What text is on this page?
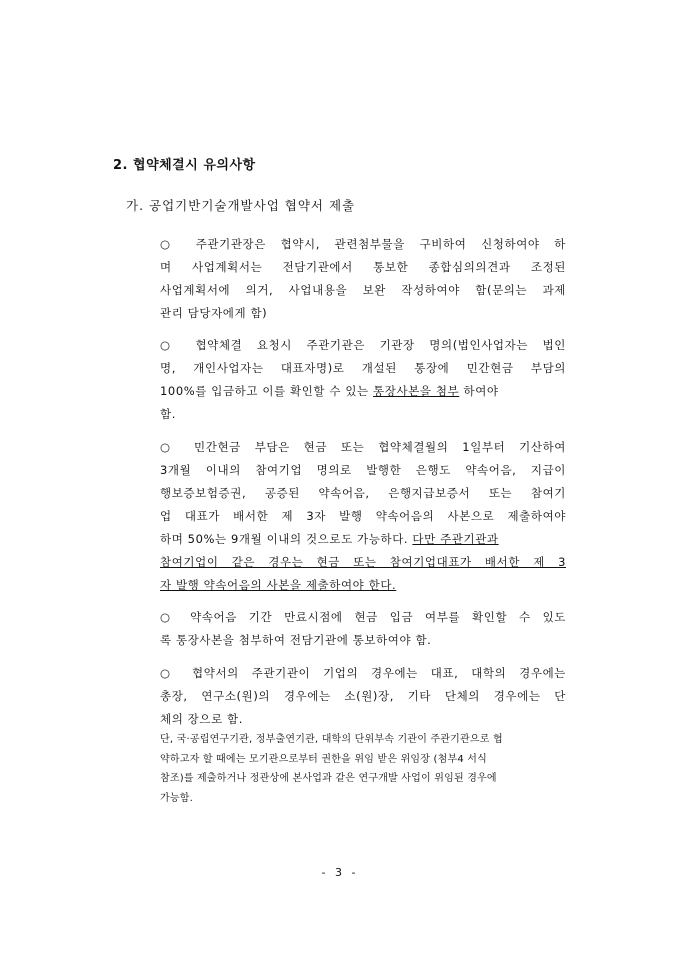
2. 협약체결시 유의사항
가. 공업기반기술개발사업 협약서 제출
○ 주관기관장은 협약시, 관련첨부물을 구비하여 신청하여야 하
며 사업계획서는 전담기관에서 통보한 종합심의의견과 조정된
사업계획서에 의거, 사업내용을 보완 작성하여야 함(문의는 과제
관리 담당자에게 함)
○ 협약체결 요청시 주관기관은 기관장 명의(법인사업자는 법인
명, 개인사업자는 대표자명)로 개설된 통장에 민간현금 부담의
100%를 입금하고 이를 확인할 수 있는 통장사본을 첨부 하여야
함.
○ 민간현금 부담은 현금 또는 협약체결월의 1일부터 기산하여
3개월 이내의 참여기업 명의로 발행한 은행도 약속어음, 지급이
행보증보험증권, 공증된 약속어음, 은행지급보증서 또는 참여기
업 대표가 배서한 제 3자 발행 약속어음의 사본으로 제출하여야
하며 50%는 9개월 이내의 것으로도 가능하다. 다만 주관기관과
참여기업이 같은 경우는 현금 또는 참여기업대표가 배서한 제 3
자 발행 약속어음의 사본을 제출하여야 한다.
○ 약속어음 기간 만료시점에 현금 입금 여부를 확인할 수 있도
록 통장사본을 첨부하여 전담기관에 통보하여야 함.
○ 협약서의 주관기관이 기업의 경우에는 대표, 대학의 경우에는
총장, 연구소(원)의 경우에는 소(원)장, 기타 단체의 경우에는 단
체의 장으로 함.
단, 국·공립연구기관, 정부출연기관, 대학의 단위부속 기관이 주관기관으로 협
약하고자 할 때에는 모기관으로부터 권한을 위임 받은 위임장 (첨부4 서식
참조)를 제출하거나 정관상에 본사업과 같은 연구개발 사업이 위임된 경우에
가능함.
- 3 -
